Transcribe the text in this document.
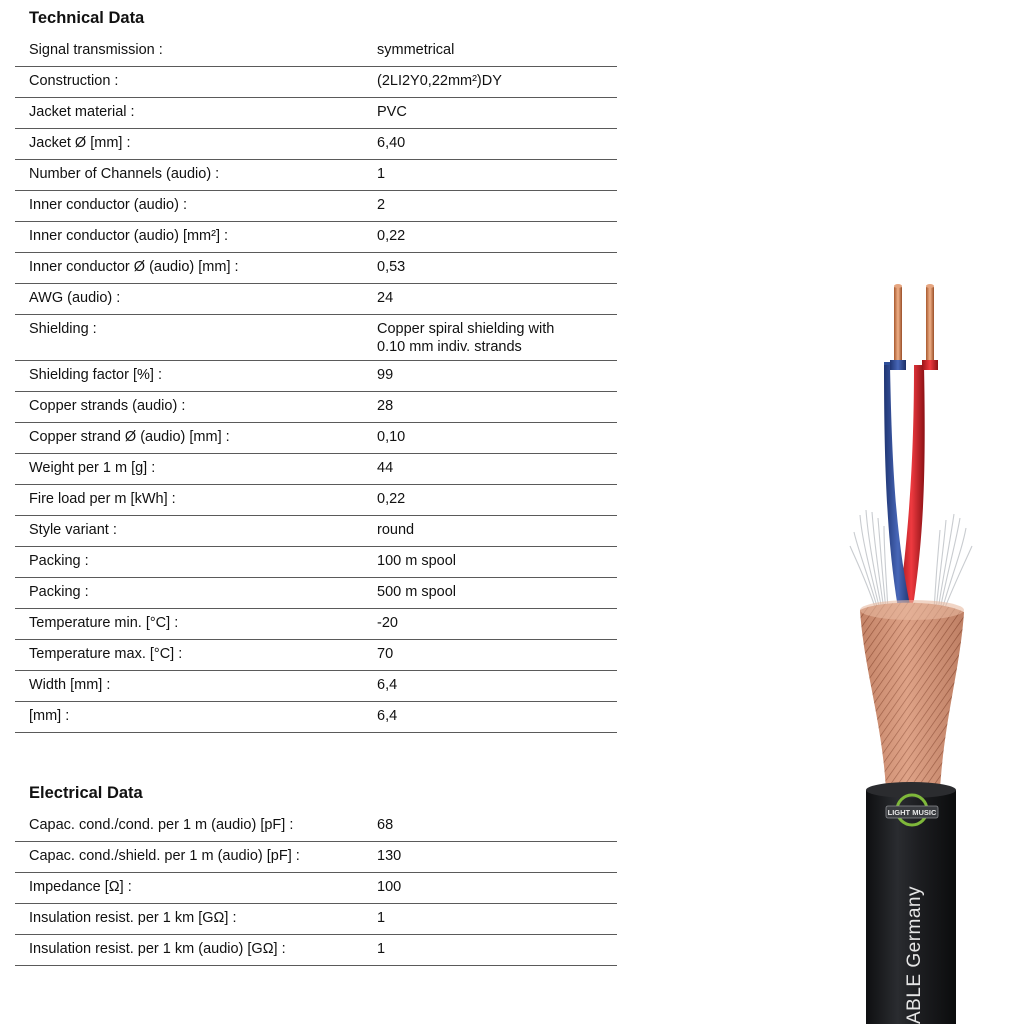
Technical Data
Signal transmission :	symmetrical
Construction :	(2LI2Y0,22mm²)DY
Jacket material :	PVC
Jacket Ø [mm] :	6,40
Number of Channels (audio) :	1
Inner conductor (audio) :	2
Inner conductor (audio) [mm²] :	0,22
Inner conductor Ø (audio) [mm] :	0,53
AWG (audio) :	24
Shielding :	Copper spiral shielding with
0.10 mm indiv. strands
Shielding factor [%] :	99
Copper strands (audio) :	28
Copper strand Ø (audio) [mm] :	0,10
Weight per 1 m [g] :	44
Fire load per m [kWh] :	0,22
Style variant :	round
Packing :	100 m spool
Packing :	500 m spool
Temperature min. [°C] :	-20
Temperature max. [°C] :	70
Width [mm] :	6,4
[mm] :	6,4
Electrical Data
Capac. cond./cond. per 1 m (audio) [pF] :	68
Capac. cond./shield. per 1 m (audio) [pF] :	130
Impedance [Ω] :	100
Insulation resist. per 1 km [GΩ] :	1
Insulation resist. per 1 km (audio) [GΩ] :	1
LIGHT MUSIC
ABLE Germany
